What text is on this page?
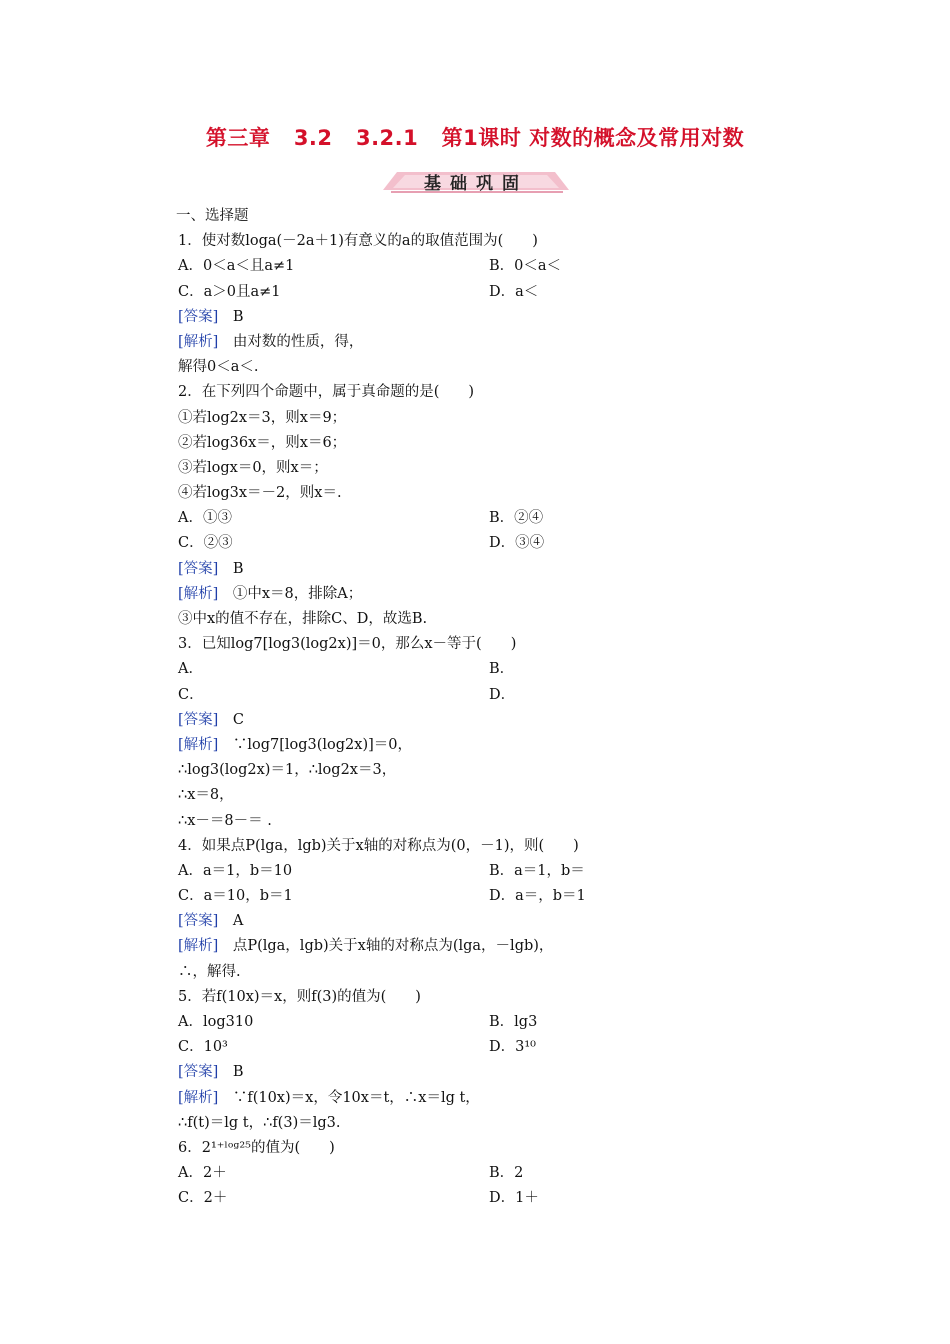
第三章   3.2   3.2.1   第1课时 对数的概念及常用对数
基础巩固
一、选择题
1．使对数loga(－2a＋1)有意义的a的取值范围为(　　)
A．0＜a＜且a≠1	B．0＜a＜
C．a＞0且a≠1	D．a＜
[答案]　B
[解析]　由对数的性质，得，
解得0＜a＜.
2．在下列四个命题中，属于真命题的是(　　)
①若log2x＝3，则x＝9；
②若log36x＝，则x＝6；
③若logx＝0，则x＝；
④若log3x＝－2，则x＝.
A．①③	B．②④
C．②③	D．③④
[答案]　B
[解析]　①中x＝8，排除A；
③中x的值不存在，排除C、D，故选B.
3．已知log7[log3(log2x)]＝0，那么x－等于(　　)
A．	B．
C．	D．
[答案]　C
[解析]　∵log7[log3(log2x)]＝0，
∴log3(log2x)＝1，∴log2x＝3，
∴x＝8，
∴x－＝8－＝ .
4．如果点P(lga，lgb)关于x轴的对称点为(0，－1)，则(　　)
A．a＝1，b＝10	B．a＝1，b＝
C．a＝10，b＝1	D．a＝，b＝1
[答案]　A
[解析]　点P(lga，lgb)关于x轴的对称点为(lga，－lgb)，
∴，解得.
5．若f(10x)＝x，则f(3)的值为(　　)
A．log310	B．lg3
C．10³	D．3¹⁰
[答案]　B
[解析]　∵f(10x)＝x，令10x＝t，∴x＝lg t，
∴f(t)＝lg t，∴f(3)＝lg3.
6．2¹⁺ˡᵒᵍ²⁵的值为(　　)
A．2＋	B．2
C．2＋	D．1＋
